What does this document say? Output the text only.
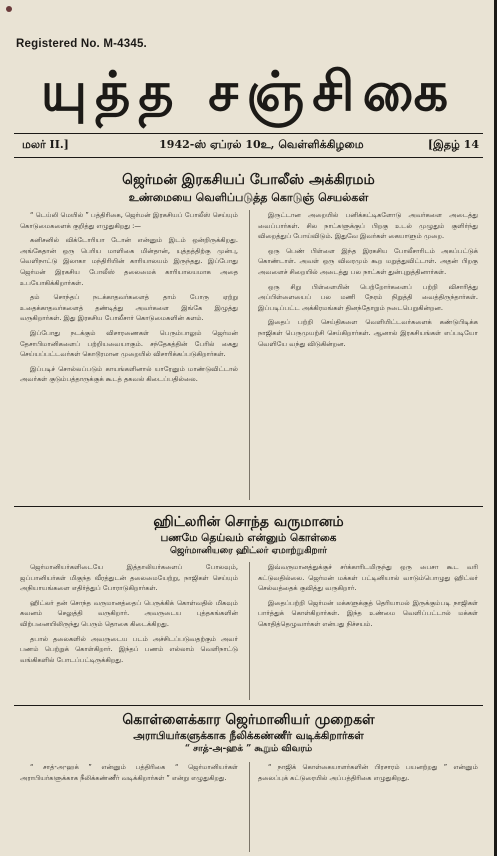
Registered No. M-4345.
யுத்த சஞ்சிகை
மலர் II.]	1942-ஸ் ஏப்ரல் 10உ, வெள்ளிக்கிழமை	[இதழ் 14
ஜெர்மன் இரகசியப் போலீஸ் அக்கிரமம்
உண்மையை வெளிப்படுத்த கொடுஞ் செயல்கள்

“ டெய்லி மெயில் ” பத்திரிகை, ஜெர்மன் இரகசியப் போலீஸ் செய்யும் கொடுமைகளைக் குறித்து எழுதுகிறது :—

கனிசனில் விக்டோரியா டோன் என்னும் இடம் ஒன்றிருக்கிறது. அங்கேதான் ஒரு பெரிய மாளிகை மின்தான், யுத்தத்திற்கு முன்பு, வெளிநாட்டு இலாகா மந்திரியின் காரியாலயம் இருந்தது. இப்போது ஜெர்மன் இரகசிய போலீஸ் தலைமைக் காரியாலயமாக அதை உபயோகிக்கிறார்கள்.

தம் சொந்தப் நடக்காதவர்களைத் தாம் போரு ஏற்று உதைக்காதவர்களைத் தண்டித்து அவர்களை இங்கே இழுத்து வருகிறார்கள். இது இரகசிய போலீசார் கொடுமைகளின் களம்.

இப்போது நடக்கும் விசாரணைகள் பெரும்பாலும் ஜெர்மன் தேசாபிமானிகளைப் பற்றியவையாகும். சந்தேகத்தின் பேரில் கைது செய்யப்பட்டவர்கள் கொடூரமான முறையில் விசாரிக்கப்படுகிறார்கள்.

இப்படிச் சொல்லப்படும் காயங்களினால் யாரேனும் மாண்டுவிட்டால் அவர்கள் குடும்பத்தாருக்குக் கூடத் தகவல் கிடைப்பதில்லை.

இருட்டான அறையில் பனிக்கட்டிகளோடு அவர்களை அடைத்து வைப்பார்கள். சில நாட்களுக்குப் பிறகு உடல் முழுதும் குளிர்ந்து விறைத்துப் போய்விடும். இதுவே இவர்கள் கையாளும் முறை.

ஒரு பெண் பிள்ளை இந்த இரகசிய போலீசாரிடம் அகப்பட்டுக் கொண்டாள். அவள் ஒரு விவரமும் கூற மறுத்துவிட்டாள். அதன் பிறகு அவளைச் சிறையில் அடைத்து பல நாட்கள் துன்புறுத்தினார்கள்.

ஒரு சிறு பிள்ளையின் பெற்றோர்களைப் பற்றி விசாரித்து அப்பிள்ளையைப் பல மணி நேரம் நிறுத்தி வைத்திருந்தார்கள். இப்படிப்பட்ட அக்கிரமங்கள் தினந்தோறும் நடைபெறுகின்றன.

இதைப் பற்றி செய்திகளை வெளியிட்டவர்களைக் கண்டுபிடிக்க நாஜிகள் பெருமுயற்சி செய்கிறார்கள். ஆனால் இரகசியங்கள் எப்படியோ வெளியே வந்து விடுகின்றன.

ஹிட்லரின் சொந்த வருமானம்
பணமே தெய்வம் என்னும் கொள்கை
ஜெர்மானியரை ஹிட்லர் ஏமாற்றுகிறார்

ஜெர்மானியர்களிடையே இத்தாலியர்களைப் போலவும், ஜப்பானியர்கள் மிகுந்த வீரத்துடன் தலைமையேற்று, நாஜிகள் செய்யும் அநியாயங்களை எதிர்த்துப் போராடுகிறார்கள்.

ஹிட்லர் தன் சொந்த வருமானத்தைப் பெருக்கிக் கொள்வதில் மிகவும் கவனம் செலுத்தி வருகிறார். அவருடைய புத்தகங்களின் விற்பனையிலிருந்து பெரும் தொகை கிடைக்கிறது.

தபால் தலைகளில் அவருடைய படம் அச்சிடப்படுவதற்கும் அவர் பணம் பெற்றுக் கொள்கிறார். இந்தப் பணம் எல்லாம் வெளிநாட்டு வங்கிகளில் போடப்பட்டிருக்கிறது.

இவ்வருமானத்துக்குச் சர்க்காரிடமிருந்து ஒரு பைசா கூட வரி கட்டுவதில்லை. ஜெர்மன் மக்கள் பட்டினியால் வாடும்பொழுது ஹிட்லர் செல்வத்தைக் குவித்து வருகிறார்.

இதைப்பற்றி ஜெர்மன் மக்களுக்குத் தெரியாமல் இருக்கும்படி நாஜிகள் பார்த்துக் கொள்கிறார்கள். இந்த உண்மை வெளிப்பட்டால் மக்கள் கொதித்தெழுவார்கள் என்பது நிச்சயம்.

கொள்ளைக்கார ஜெர்மானியர் முறைகள்
அராபியர்களுக்காக நீலிக்கண்ணீர் வடிக்கிறார்கள்
“ சாத்-அ-ஹக் ” கூறும் விவரம்

“ சாத்-அ-ஹக் ” என்னும் பத்திரிகை “ ஜெர்மானியர்கள் அராபியர்களுக்காக நீலிக்கண்ணீர் வடிக்கிறார்கள் ” என்று எழுதுகிறது.

“ நாஜிக் கொள்கையாளர்களின் பிரசாரம் பயனற்றது ” என்னும் தலைப்புக் கட்டுரையில் அப்பத்திரிகை எழுதுகிறது.
